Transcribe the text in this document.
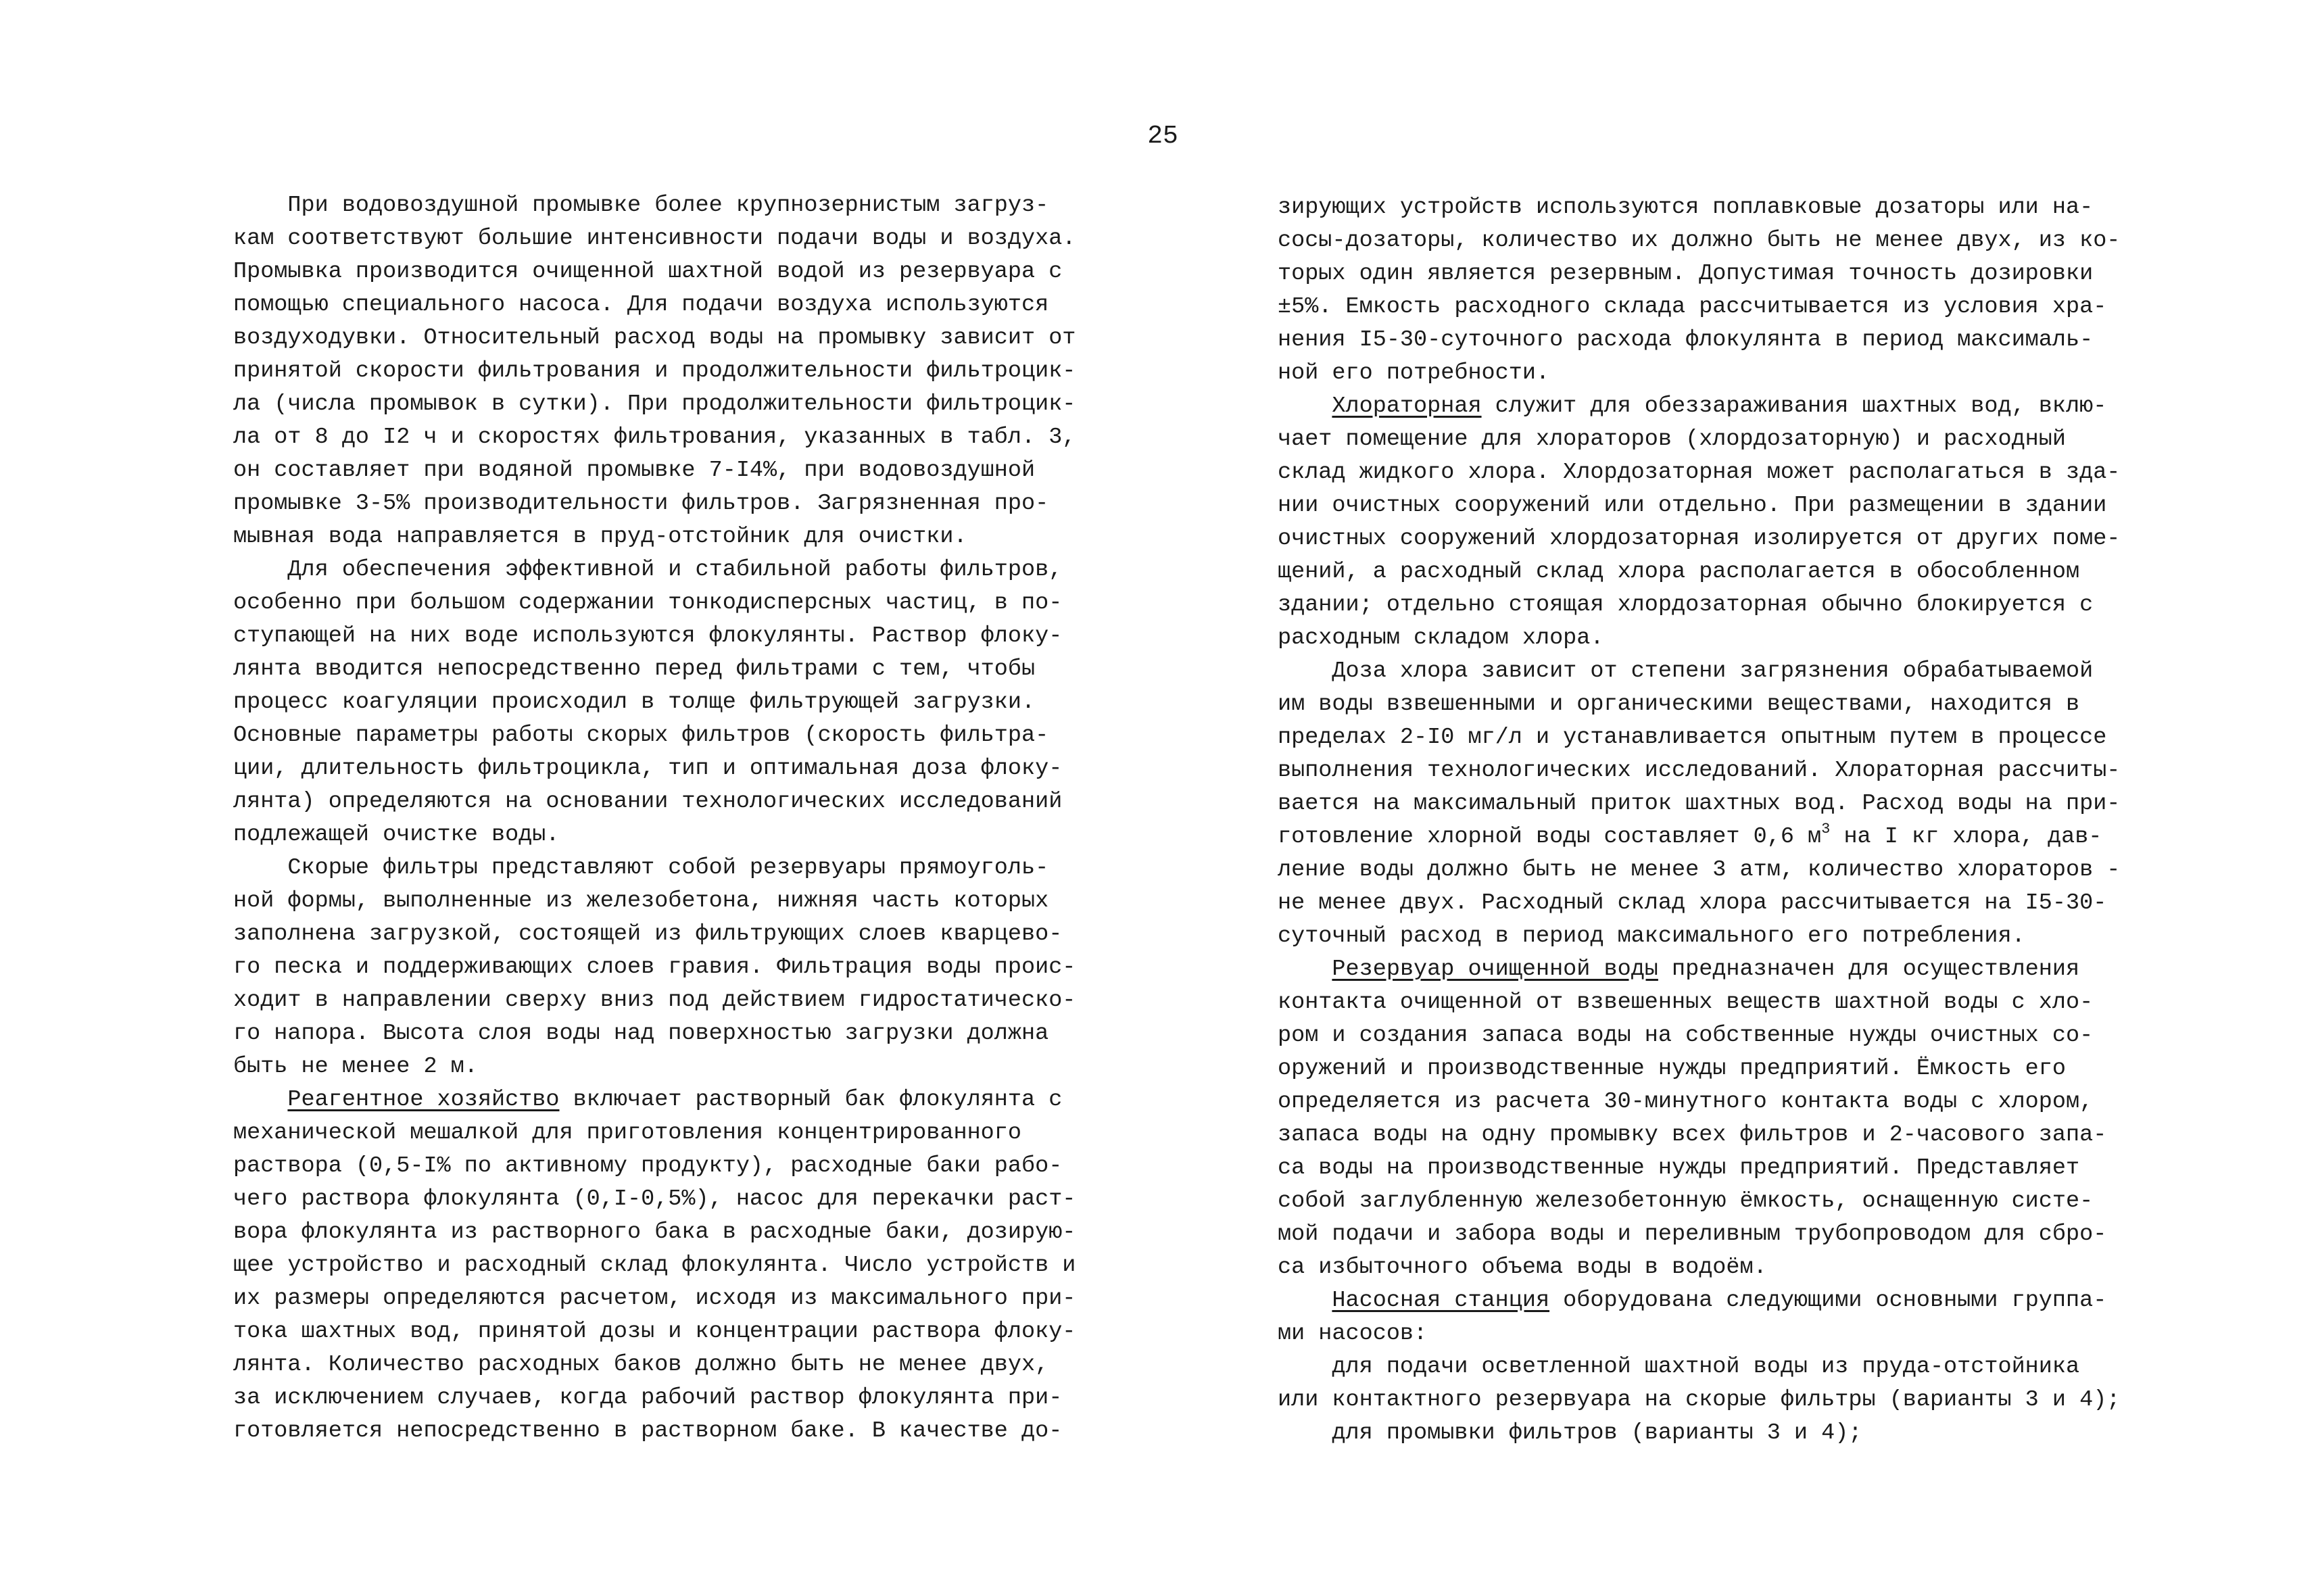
25
При водовоздушной промывке более крупнозернистым загруз-
кам соответствуют большие интенсивности подачи воды и воздуха.
Промывка производится очищенной шахтной водой из резервуара с
помощью специального насоса. Для подачи воздуха используются
воздуходувки. Относительный расход воды на промывку зависит от
принятой скорости фильтрования и продолжительности фильтроцик-
ла (числа промывок в сутки). При продолжительности фильтроцик-
ла от 8 до I2 ч и скоростях фильтрования, указанных в табл. 3,
он составляет при водяной промывке 7-I4%, при водовоздушной
промывке 3-5% производительности фильтров. Загрязненная про-
мывная вода направляется в пруд-отстойник для очистки.
Для обеспечения эффективной и стабильной работы фильтров,
особенно при большом содержании тонкодисперсных частиц, в по-
ступающей на них воде используются флокулянты. Раствор флоку-
лянта вводится непосредственно перед фильтрами с тем, чтобы
процесс коагуляции происходил в толще фильтрующей загрузки.
Основные параметры работы скорых фильтров (скорость фильтра-
ции, длительность фильтроцикла, тип и оптимальная доза флоку-
лянта) определяются на основании технологических исследований
подлежащей очистке воды.
Скорые фильтры представляют собой резервуары прямоуголь-
ной формы, выполненные из железобетона, нижняя часть которых
заполнена загрузкой, состоящей из фильтрующих слоев кварцево-
го песка и поддерживающих слоев гравия. Фильтрация воды проис-
ходит в направлении сверху вниз под действием гидростатическо-
го напора. Высота слоя воды над поверхностью загрузки должна
быть не менее 2 м.
Реагентное хозяйство включает растворный бак флокулянта с
механической мешалкой для приготовления концентрированного
раствора (0,5-I% по активному продукту), расходные баки рабо-
чего раствора флокулянта (0,I-0,5%), насос для перекачки раст-
вора флокулянта из растворного бака в расходные баки, дозирую-
щее устройство и расходный склад флокулянта. Число устройств и
их размеры определяются расчетом, исходя из максимального при-
тока шахтных вод, принятой дозы и концентрации раствора флоку-
лянта. Количество расходных баков должно быть не менее двух,
за исключением случаев, когда рабочий раствор флокулянта при-
готовляется непосредственно в растворном баке. В качестве до-
зирующих устройств используются поплавковые дозаторы или на-
сосы-дозаторы, количество их должно быть не менее двух, из ко-
торых один является резервным. Допустимая точность дозировки
±5%. Емкость расходного склада рассчитывается из условия хра-
нения I5-30-суточного расхода флокулянта в период максималь-
ной его потребности.
Хлораторная служит для обеззараживания шахтных вод, вклю-
чает помещение для хлораторов (хлордозаторную) и расходный
склад жидкого хлора. Хлордозаторная может располагаться в зда-
нии очистных сооружений или отдельно. При размещении в здании
очистных сооружений хлордозаторная изолируется от других поме-
щений, а расходный склад хлора располагается в обособленном
здании; отдельно стоящая хлордозаторная обычно блокируется с
расходным складом хлора.
Доза хлора зависит от степени загрязнения обрабатываемой
им воды взвешенными и органическими веществами, находится в
пределах 2-I0 мг/л и устанавливается опытным путем в процессе
выполнения технологических исследований. Хлораторная рассчиты-
вается на максимальный приток шахтных вод. Расход воды на при-
готовление хлорной воды составляет 0,6 $м^3$ на I кг хлора, дав-
ление воды должно быть не менее 3 атм, количество хлораторов -
не менее двух. Расходный склад хлора рассчитывается на I5-30-
суточный расход в период максимального его потребления.
Резервуар очищенной воды предназначен для осуществления
контакта очищенной от взвешенных веществ шахтной воды с хло-
ром и создания запаса воды на собственные нужды очистных со-
оружений и производственные нужды предприятий. Ёмкость его
определяется из расчета 30-минутного контакта воды с хлором,
запаса воды на одну промывку всех фильтров и 2-часового запа-
са воды на производственные нужды предприятий. Представляет
собой заглубленную железобетонную ёмкость, оснащенную систе-
мой подачи и забора воды и переливным трубопроводом для сбро-
са избыточного объема воды в водоём.
Насосная станция оборудована следующими основными группа-
ми насосов:
для подачи осветленной шахтной воды из пруда-отстойника
или контактного резервуара на скорые фильтры (варианты 3 и 4);
для промывки фильтров (варианты 3 и 4);
